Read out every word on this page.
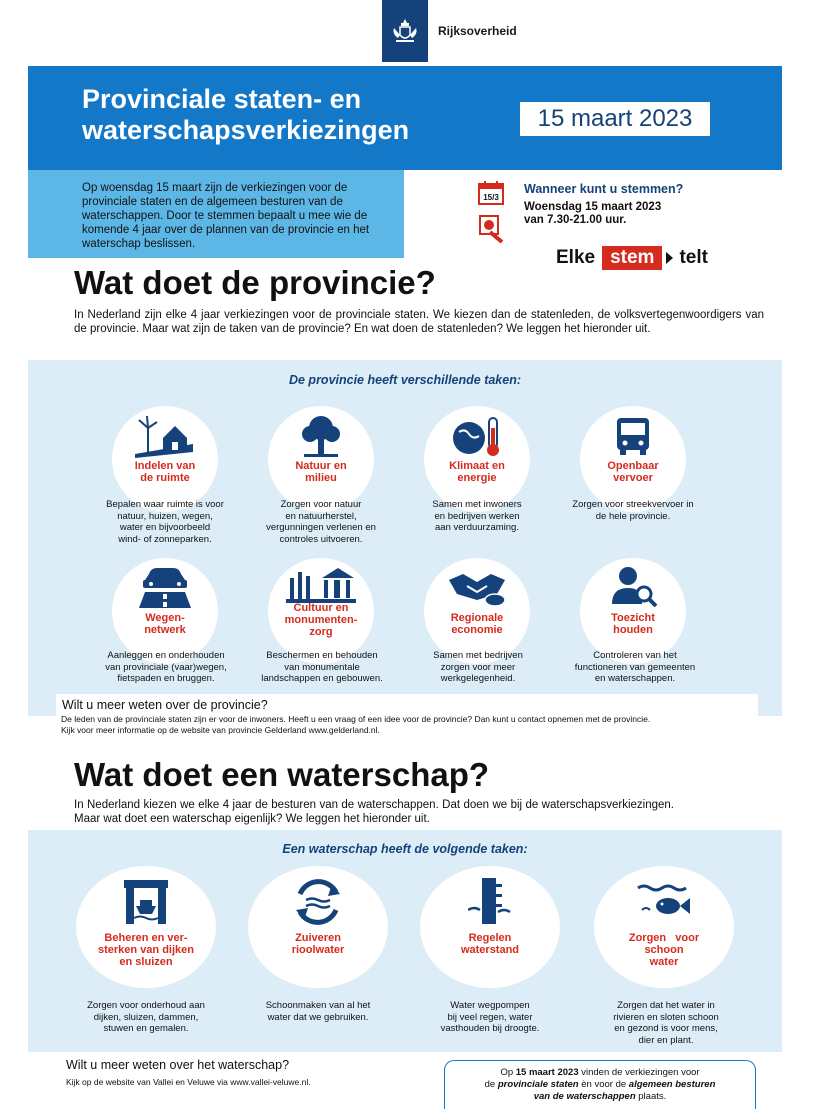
Rijksoverheid
Provinciale staten- en
waterschapsverkiezingen	15 maart 2023
Op woensdag 15 maart zijn de verkiezingen voor de provinciale staten en de algemeen besturen van de waterschappen. Door te stemmen bepaalt u mee wie de komende 4 jaar over de plannen van de provincie en het waterschap beslissen.
15/3
Wanneer kunt u stemmen?
Woensdag 15 maart 2023
van 7.30-21.00 uur.
Elke stem	telt
Wat doet de provincie?
In Nederland zijn elke 4 jaar verkiezingen voor de provinciale staten. We kiezen dan de statenleden, de volksvertegenwoordigers van de provincie. Maar wat zijn de taken van de provincie? En wat doen de statenleden? We leggen het hieronder uit.
De provincie heeft verschillende taken:
Indelen van
de ruimte
Natuur en
milieu
Klimaat en
energie
Openbaar
vervoer
Bepalen waar ruimte is voor
natuur, huizen, wegen,
water en bijvoorbeeld
wind- of zonneparken.
Zorgen voor natuur
en natuurherstel,
vergunningen verlenen en
controles uitvoeren.
Samen met inwoners
en bedrijven werken
aan verduurzaming.
Zorgen voor streekvervoer in
de hele provincie.
Wegen-
netwerk
Cultuur en
monumenten-
zorg
Regionale
economie
Toezicht
houden
Aanleggen en onderhouden
van provinciale (vaar)wegen,
fietspaden en bruggen.
Beschermen en behouden
van monumentale
landschappen en gebouwen.
Samen met bedrijven
zorgen voor meer
werkgelegenheid.
Controleren van het
functioneren van gemeenten
en waterschappen.
Wilt u meer weten over de provincie?
De leden van de provinciale staten zijn er voor de inwoners. Heeft u een vraag of een idee voor de provincie? Dan kunt u contact opnemen met de provincie.
Kijk voor meer informatie op de website van provincie Gelderland www.gelderland.nl.
Wat doet een waterschap?
In Nederland kiezen we elke 4 jaar de besturen van de waterschappen. Dat doen we bij de waterschapsverkiezingen. Maar wat doet een waterschap eigenlijk? We leggen het hieronder uit.
Een waterschap heeft de volgende taken:
Beheren en ver-
sterken van dijken
en sluizen
Zuiveren
rioolwater
Regelen
waterstand
Zorgen   voor
schoon
water
Zorgen voor onderhoud aan
dijken, sluizen, dammen,
stuwen en gemalen.
Schoonmaken van al het
water dat we gebruiken.
Water wegpompen
bij veel regen, water
vasthouden bij droogte.
Zorgen dat het water in
rivieren en sloten schoon
en gezond is voor mens,
dier en plant.
Wilt u meer weten over het waterschap?
Kijk op de website van Vallei en Veluwe via www.vallei-veluwe.nl.
Op 15 maart 2023 vinden de verkiezingen voor
de provinciale staten èn voor de algemeen besturen
van de waterschappen plaats.
